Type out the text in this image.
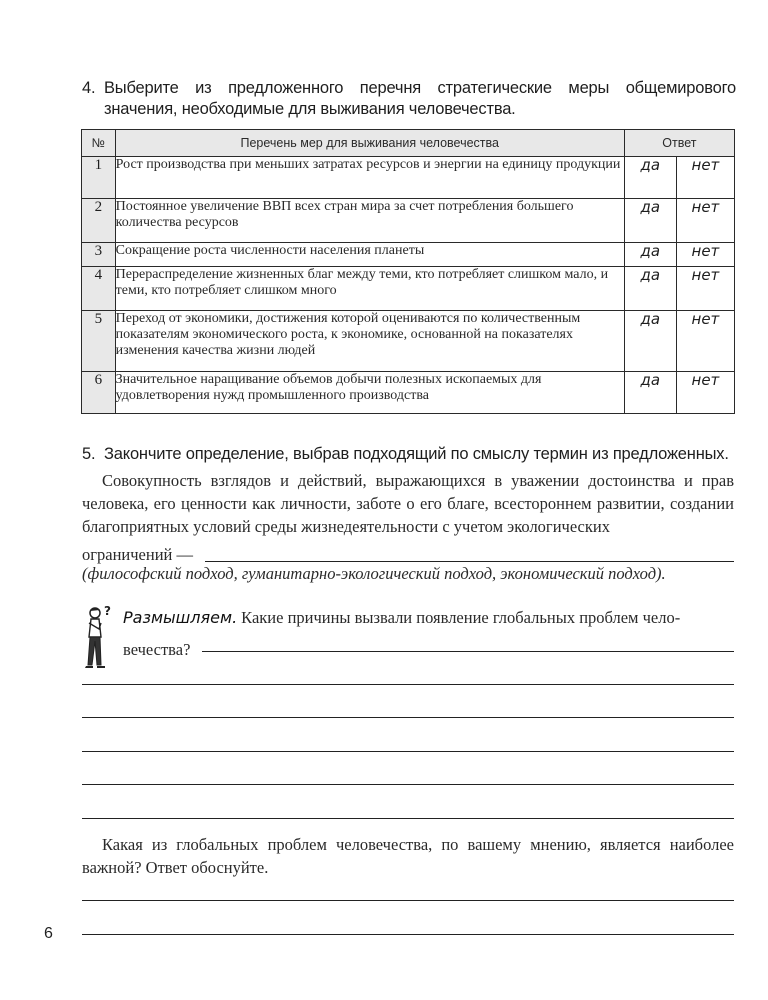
4. Выберите из предложенного перечня стратегические меры общемирового значения, необходимые для выживания человечества.
№	Перечень мер для выживания человечества	Ответ	
1	Рост производства при меньших затратах ресурсов и энергии на единицу продукции	да	нет
2	Постоянное увеличение ВВП всех стран мира за счет потребления большего количества ресурсов	да	нет
3	Сокращение роста численности населения планеты	да	нет
4	Перераспределение жизненных благ между теми, кто потребляет слишком мало, и теми, кто потребляет слишком много	да	нет
5	Переход от экономики, достижения которой оцениваются по количественным показателям экономического роста, к экономике, основанной на показателях изменения качества жизни людей	да	нет
6	Значительное наращивание объемов добычи полезных ископаемых для удовлетворения нужд промышленного производства	да	нет
5. Закончите определение, выбрав подходящий по смыслу термин из предложенных.
Совокупность взглядов и действий, выражающихся в уважении достоинства и прав человека, его ценности как личности, заботе о его благе, всестороннем развитии, создании благоприятных условий среды жизнедеятельности с учетом экологических
ограничений —
(философский подход, гуманитарно-экологический подход, экономический подход).
? Размышляем. Какие причины вызвали появление глобальных проблем чело-
вечества?
Какая из глобальных проблем человечества, по вашему мнению, является наиболее важной? Ответ обоснуйте.
6
